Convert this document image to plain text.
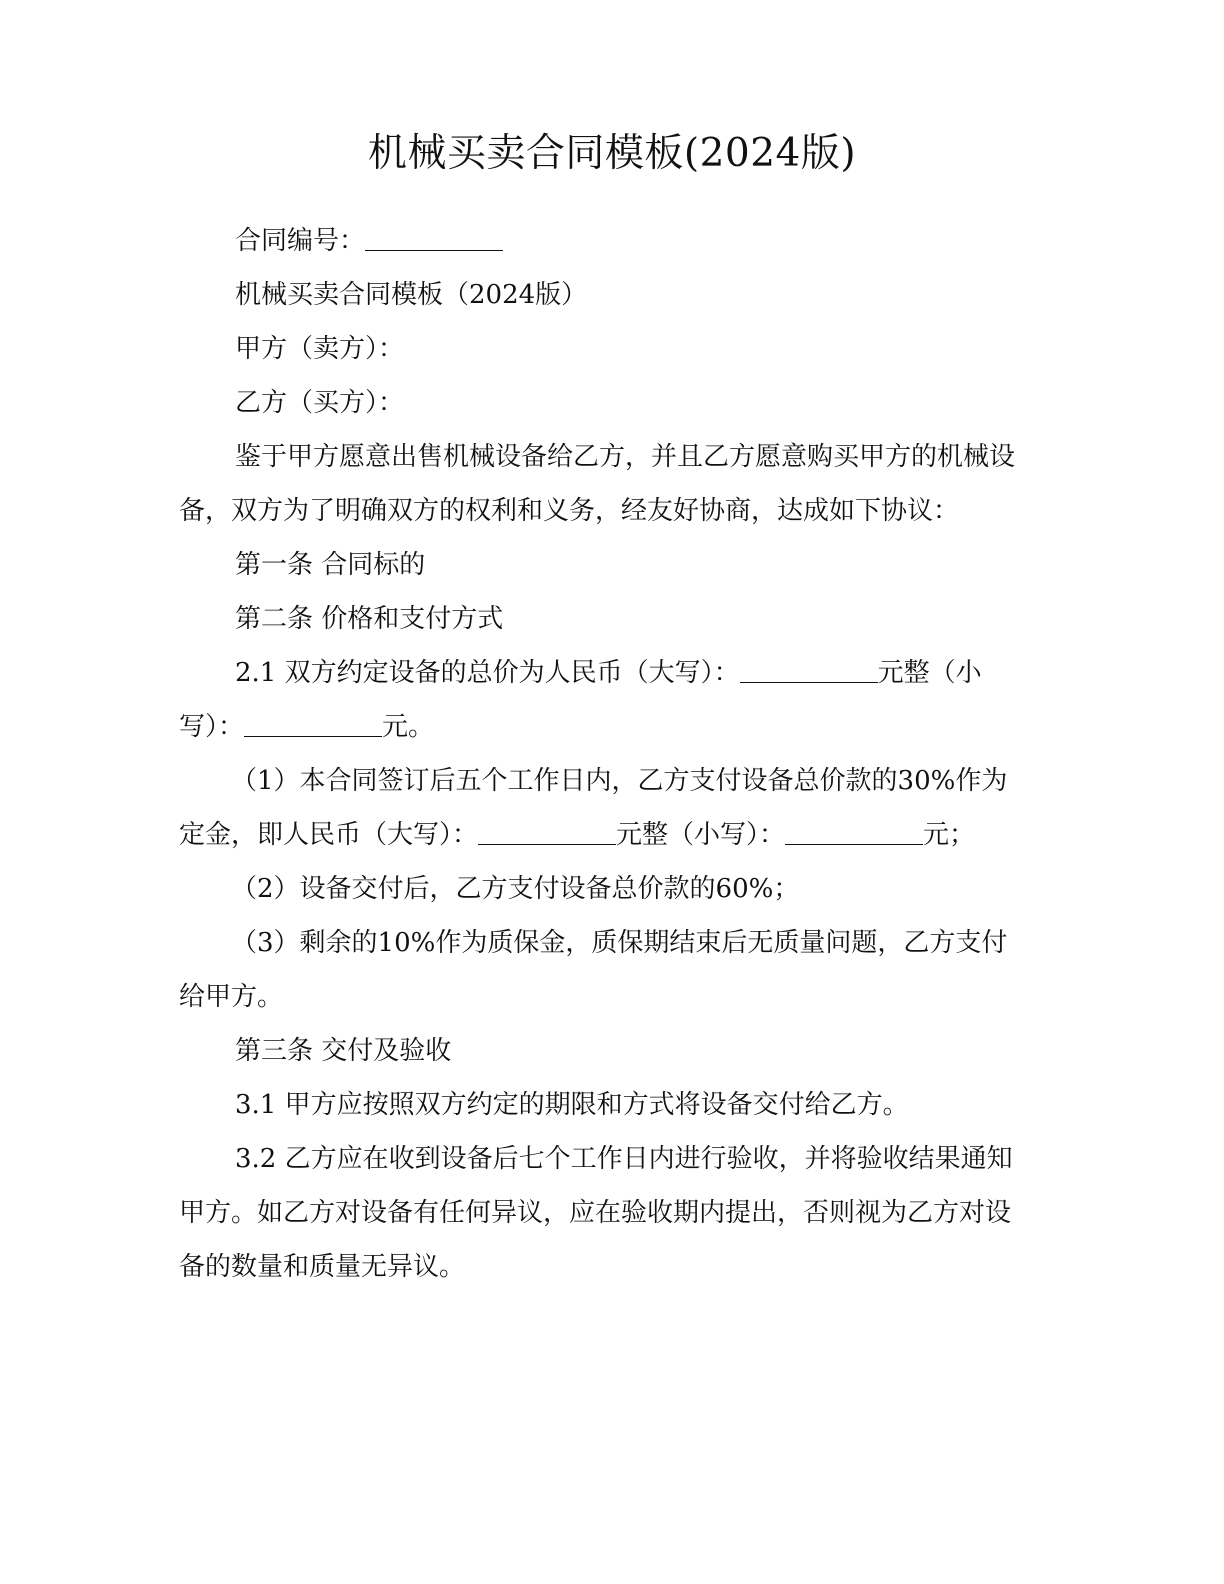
机械买卖合同模板(2024版)

合同编号：

机械买卖合同模板（2024版）

甲方（卖方）：

乙方（买方）：

鉴于甲方愿意出售机械设备给乙方，并且乙方愿意购买甲方的机械设备，双方为了明确双方的权利和义务，经友好协商，达成如下协议：

第一条 合同标的

第二条 价格和支付方式

2.1 双方约定设备的总价为人民币（大写）：	元整（小写）：	元。

（1）本合同签订后五个工作日内，乙方支付设备总价款的30%作为定金，即人民币（大写）：	元整（小写）：	元；

（2）设备交付后，乙方支付设备总价款的60%；

（3）剩余的10%作为质保金，质保期结束后无质量问题，乙方支付给甲方。

第三条 交付及验收

3.1 甲方应按照双方约定的期限和方式将设备交付给乙方。

3.2 乙方应在收到设备后七个工作日内进行验收，并将验收结果通知甲方。如乙方对设备有任何异议，应在验收期内提出，否则视为乙方对设备的数量和质量无异议。
